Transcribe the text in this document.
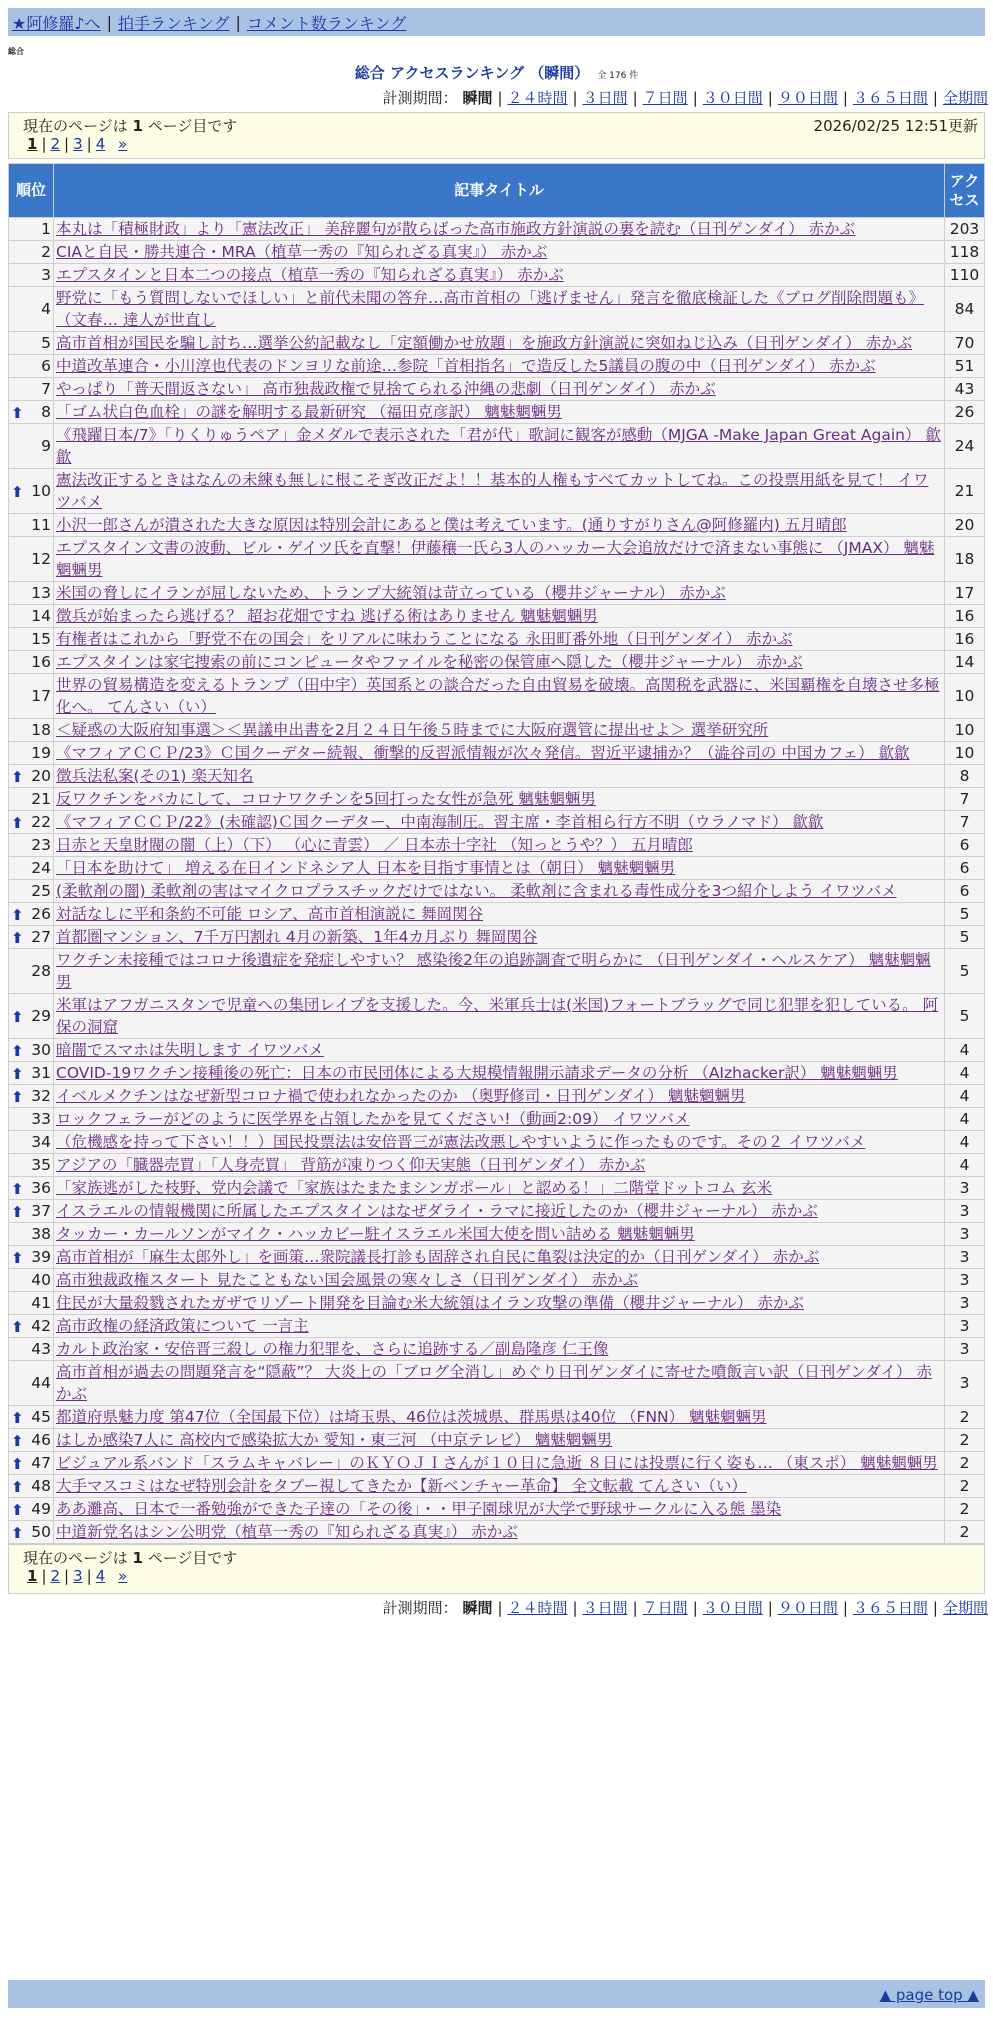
★阿修羅♪へ | 拍手ランキング | コメント数ランキング
総合
総合 アクセスランキング （瞬間） 全 176 件
計測期間： 瞬間 | ２４時間 | ３日間 | ７日間 | ３０日間 | ９０日間 | ３６５日間 | 全期間
現在のページは 1 ページ目です	2026/02/25 12:51更新
1 | 2 | 3 | 4 »
順位	記事タイトル	アクセス
1	本丸は「積極財政」より「憲法改正」 美辞麗句が散らばった高市施政方針演説の裏を読む（日刊ゲンダイ） 赤かぶ	203
2	CIAと自民・勝共連合・MRA（植草一秀の『知られざる真実』） 赤かぶ	118
3	エプスタインと日本二つの接点（植草一秀の『知られざる真実』） 赤かぶ	110
4	野党に「もう質問しないでほしい」と前代未聞の答弁…高市首相の「逃げません」発言を徹底検証した《ブログ削除問題も》（文春… 達人が世直し	84
5	高市首相が国民を騙し討ち…選挙公約記載なし「定額働かせ放題」を施政方針演説に突如ねじ込み（日刊ゲンダイ） 赤かぶ	70
6	中道改革連合・小川淳也代表のドンヨリな前途…参院「首相指名」で造反した5議員の腹の中（日刊ゲンダイ） 赤かぶ	51
7	やっぱり「普天間返さない」 高市独裁政権で見捨てられる沖縄の悲劇（日刊ゲンダイ） 赤かぶ	43

⬆ 8	「ゴム状白色血栓」の謎を解明する最新研究 （福田克彦訳） 魑魅魍魎男	26
9	《飛躍日本/7》「りくりゅうペア」金メダルで表示された「君が代」歌詞に観客が感動（MJGA -Make Japan Great Again） 歙歙	24

⬆ 10	憲法改正するときはなんの未練も無しに根こそぎ改正だよ！！基本的人権もすべてカットしてね。この投票用紙を見て！ イワツバメ	21
11	小沢一郎さんが潰された大きな原因は特別会計にあると僕は考えています。(通りすがりさん@阿修羅内) 五月晴郎	20
12	エプスタイン文書の波動、ビル・ゲイツ氏を直撃！伊藤穰一氏ら3人のハッカー大会追放だけで済まない事態に （JMAX） 魑魅魍魎男	18
13	米国の脅しにイランが屈しないため、トランプ大統領は苛立っている（櫻井ジャーナル） 赤かぶ	17
14	徴兵が始まったら逃げる？ 超お花畑ですね 逃げる術はありません 魑魅魍魎男	16
15	有権者はこれから「野党不在の国会」をリアルに味わうことになる 永田町番外地（日刊ゲンダイ） 赤かぶ	16
16	エプスタインは家宅捜索の前にコンピュータやファイルを秘密の保管庫へ隠した（櫻井ジャーナル） 赤かぶ	14
17	世界の貿易構造を変えるトランプ（田中宇）英国系との談合だった自由貿易を破壊。高関税を武器に、米国覇権を自壊させ多極化へ。 てんさい（い）	10
18	＜疑惑の大阪府知事選＞＜異議申出書を2月２４日午後５時までに大阪府選管に提出せよ＞ 選挙研究所	10
19	《マフィアＣＣＰ/23》Ｃ国クーデター続報、衝撃的反習派情報が次々発信。習近平逮捕か？（澁谷司の 中国カフェ） 歙歙	10

⬆ 20	徴兵法私案(その1) 楽天知名	8
21	反ワクチンをバカにして、コロナワクチンを5回打った女性が急死 魑魅魍魎男	7

⬆ 22	《マフィアＣＣＰ/22》(未確認)Ｃ国クーデター、中南海制圧。習主席・李首相ら行方不明（ウラノマド） 歙歙	7
23	日赤と天皇財閥の闇（上）（下） （心に青雲） ／ 日本赤十字社 （知っとうや？） 五月晴郎	6
24	「日本を助けて」 増える在日インドネシア人 日本を目指す事情とは（朝日） 魑魅魍魎男	6
25	(柔軟剤の闇) 柔軟剤の害はマイクロプラスチックだけではない。 柔軟剤に含まれる毒性成分を3つ紹介しよう イワツバメ	6

⬆ 26	対話なしに平和条約不可能 ロシア、高市首相演説に 舞岡関谷	5

⬆ 27	首都圏マンション、7千万円割れ 4月の新築、1年4カ月ぶり 舞岡関谷	5
28	ワクチン未接種ではコロナ後遺症を発症しやすい？ 感染後2年の追跡調査で明らかに （日刊ゲンダイ・ヘルスケア） 魑魅魍魎男	5

⬆ 29	米軍はアフガニスタンで児童への集団レイプを支援した。今、米軍兵士は(米国)フォートブラッグで同じ犯罪を犯している。 阿保の洞窟	5

⬆ 30	暗闇でスマホは失明します イワツバメ	4

⬆ 31	COVID-19ワクチン接種後の死亡：日本の市民団体による大規模情報開示請求データの分析 （AIzhacker訳） 魑魅魍魎男	4

⬆ 32	イベルメクチンはなぜ新型コロナ禍で使われなかったのか （奥野修司・日刊ゲンダイ） 魑魅魍魎男	4
33	ロックフェラーがどのように医学界を占領したかを見てください!（動画2:09） イワツバメ	4
34	（危機感を持って下さい！！）国民投票法は安倍晋三が憲法改悪しやすいように作ったものです。その２ イワツバメ	4
35	アジアの「臓器売買」「人身売買」 背筋が凍りつく仰天実態（日刊ゲンダイ） 赤かぶ	4

⬆ 36	「家族逃がした枝野、党内会議で「家族はたまたまシンガポール」と認める！」二階堂ドットコム 玄米	3

⬆ 37	イスラエルの情報機関に所属したエプスタインはなぜダライ・ラマに接近したのか（櫻井ジャーナル） 赤かぶ	3
38	タッカー・カールソンがマイク・ハッカビー駐イスラエル米国大使を問い詰める 魑魅魍魎男	3

⬆ 39	高市首相が「麻生太郎外し」を画策…衆院議長打診も固辞され自民に亀裂は決定的か（日刊ゲンダイ） 赤かぶ	3
40	高市独裁政権スタート 見たこともない国会風景の寒々しさ（日刊ゲンダイ） 赤かぶ	3
41	住民が大量殺戮されたガザでリゾート開発を目論む米大統領はイラン攻撃の準備（櫻井ジャーナル） 赤かぶ	3

⬆ 42	高市政権の経済政策について 一言主	3
43	カルト政治家・安倍晋三殺し の権力犯罪を、さらに追跡する／副島隆彦 仁王像	3
44	高市首相が過去の問題発言を“隠蔽”？ 大炎上の「ブログ全消し」めぐり日刊ゲンダイに寄せた噴飯言い訳（日刊ゲンダイ） 赤かぶ	3

⬆ 45	都道府県魅力度 第47位（全国最下位）は埼玉県、46位は茨城県、群馬県は40位 （FNN） 魑魅魍魎男	2

⬆ 46	はしか感染7人に 高校内で感染拡大か 愛知・東三河 （中京テレビ） 魑魅魍魎男	2

⬆ 47	ビジュアル系バンド「スラムキャバレー」のＫＹＯＪＩさんが１０日に急逝 ８日には投票に行く姿も… （東スポ） 魑魅魍魎男	2

⬆ 48	大手マスコミはなぜ特別会計をタブー視してきたか【新ベンチャー革命】 全文転載 てんさい（い）	2

⬆ 49	ああ灘高、日本で一番勉強ができた子達の「その後」・・甲子園球児が大学で野球サークルに入る態 墨染	2

⬆ 50	中道新党名はシン公明党（植草一秀の『知られざる真実』） 赤かぶ	2
現在のページは 1 ページ目です
1 | 2 | 3 | 4 »
計測期間： 瞬間 | ２４時間 | ３日間 | ７日間 | ３０日間 | ９０日間 | ３６５日間 | 全期間
▲ page top ▲
